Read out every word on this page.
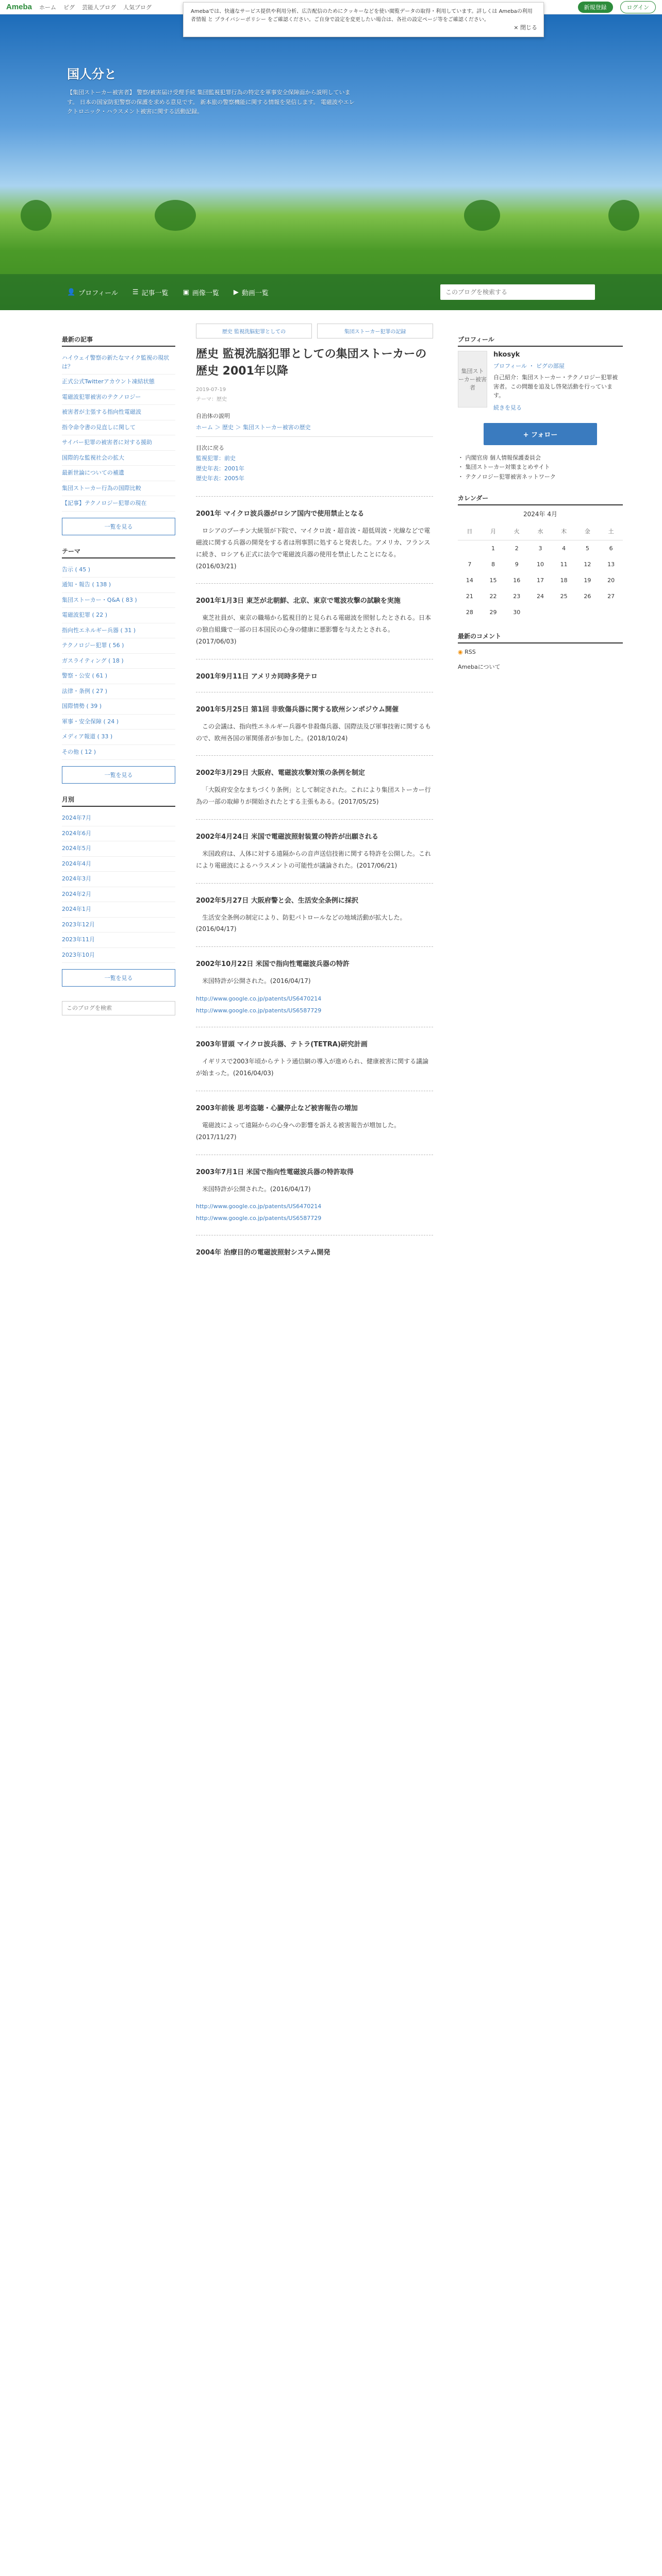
Ameba ホーム ピグ 芸能人ブログ 人気ブログ	新規登録	ログイン
Amebaでは、快適なサービス提供や利用分析、広告配信のためにクッキーなどを使い閲覧データの取得・利用しています。詳しくは Amebaの利用者情報 と プライバシーポリシー をご確認ください。ご自身で設定を変更したい場合は、各社の設定ページ等をご確認ください。
× 閉じる
国人分と
【集団ストーカー被害者】 警察/被害届け受理手続 集団監視犯罪行為の特定を軍事安全保障面から説明しています。 日本の国家防犯警察の保護を求める意見です。 新本旅の警察機能に関する情報を発信します。 電磁波やエレクトロニック・ハラスメント被害に関する活動記録。
👤 プロフィール ☰ 記事一覧 ▣ 画像一覧 ▶ 動画一覧
このブログを検索する
最新の記事
ハイウェイ警察の新たなマイク監視の現状は？
正式公式Twitterアカウント凍結状態
電磁波犯罪被害のテクノロジー
被害者が主張する指向性電磁波
指令命令書の見直しに関して
サイバー犯罪の被害者に対する援助
国際的な監視社会の拡大
最新世論についての補遺
集団ストーカー行為の国際比較
【記事】テクノロジー犯罪の現在
一覧を見る
テーマ
告示 ( 45 )
通知・報告 ( 138 )
集団ストーカー・Q&A ( 83 )
電磁波犯罪 ( 22 )
指向性エネルギー兵器 ( 31 )
テクノロジー犯罪 ( 56 )
ガスライティング ( 18 )
警察・公安 ( 61 )
法律・条例 ( 27 )
国際情勢 ( 39 )
軍事・安全保障 ( 24 )
メディア報道 ( 33 )
その他 ( 12 )
一覧を見る
月別
2024年7月
2024年6月
2024年5月
2024年4月
2024年3月
2024年2月
2024年1月
2023年12月
2023年11月
2023年10月
一覧を見る
このブログを検索
歴史 監視洗脳犯罪としての	集団ストーカー犯罪の記録
歴史 監視洗脳犯罪としての集団ストーカーの歴史 2001年以降
2019-07-19
テーマ：歴史
自治体の説明
ホーム ＞ 歴史 ＞ 集団ストーカー被害の歴史
目次に戻る
監視犯罪：前史
歴史年表：2001年
歴史年表：2005年
2001年 マイクロ波兵器がロシア国内で使用禁止となる

ロシアのプーチン大統領が下院で、マイクロ波・超音波・超低周波・光線などで電磁波に関する兵器の開発をする者は刑事罰に処すると発表した。アメリカ、フランスに続き、ロシアも正式に法令で電磁波兵器の使用を禁止したことになる。(2016/03/21)

2001年1月3日 東芝が北朝鮮、北京、東京で電波攻撃の試験を実施

東芝社員が、東京の職場から監視目的と見られる電磁波を照射したとされる。日本の独自組織で一部の日本国民の心身の健康に悪影響を与えたとされる。(2017/06/03)

2001年9月11日 アメリカ同時多発テロ
2001年5月25日 第1回 非致傷兵器に関する欧州シンポジウム開催

この会議は、指向性エネルギー兵器や非殺傷兵器、国際法及び軍事技術に関するもので、欧州各国の軍関係者が参加した。(2018/10/24)

2002年3月29日 大阪府、電磁波攻撃対策の条例を制定

「大阪府安全なまちづくり条例」として制定された。これにより集団ストーカー行為の一部の取締りが開始されたとする主張もある。(2017/05/25)

2002年4月24日 米国で電磁波照射装置の特許が出願される

米国政府は、人体に対する遠隔からの音声送信技術に関する特許を公開した。これにより電磁波によるハラスメントの可能性が議論された。(2017/06/21)

2002年5月27日 大阪府警と会、生活安全条例に採択

生活安全条例の制定により、防犯パトロールなどの地域活動が拡大した。(2016/04/17)

2002年10月22日 米国で指向性電磁波兵器の特許

米国特許が公開された。(2016/04/17)

http://www.google.co.jp/patents/US6470214
http://www.google.co.jp/patents/US6587729
2003年冒頭 マイクロ波兵器、テトラ(TETRA)研究計画

イギリスで2003年頃からテトラ通信網の導入が進められ、健康被害に関する議論が始まった。(2016/04/03)

2003年前後 思考盗聴・心臓停止など被害報告の増加

電磁波によって遠隔からの心身への影響を訴える被害報告が増加した。(2017/11/27)

2003年7月1日 米国で指向性電磁波兵器の特許取得

米国特許が公開された。(2016/04/17)

http://www.google.co.jp/patents/US6470214
http://www.google.co.jp/patents/US6587729
2004年 治療目的の電磁波照射システム開発
プロフィール
集団ストーカー被害者
hkosyk
プロフィール ・ ピグの部屋
自己紹介：集団ストーカー・テクノロジー犯罪被害者。この問題を追及し啓発活動を行っています。
続きを見る
+ フォロー
・ 内閣官房 個人情報保護委員会
・ 集団ストーカー対策まとめサイト
・ テクノロジー犯罪被害ネットワーク
カレンダー
2024年 4月
日	月	火	水	木	金	土
	1	2	3	4	5	6
7	8	9	10	11	12	13
14	15	16	17	18	19	20
21	22	23	24	25	26	27
28	29	30				
最新のコメント
◉ RSS
Amebaについて
